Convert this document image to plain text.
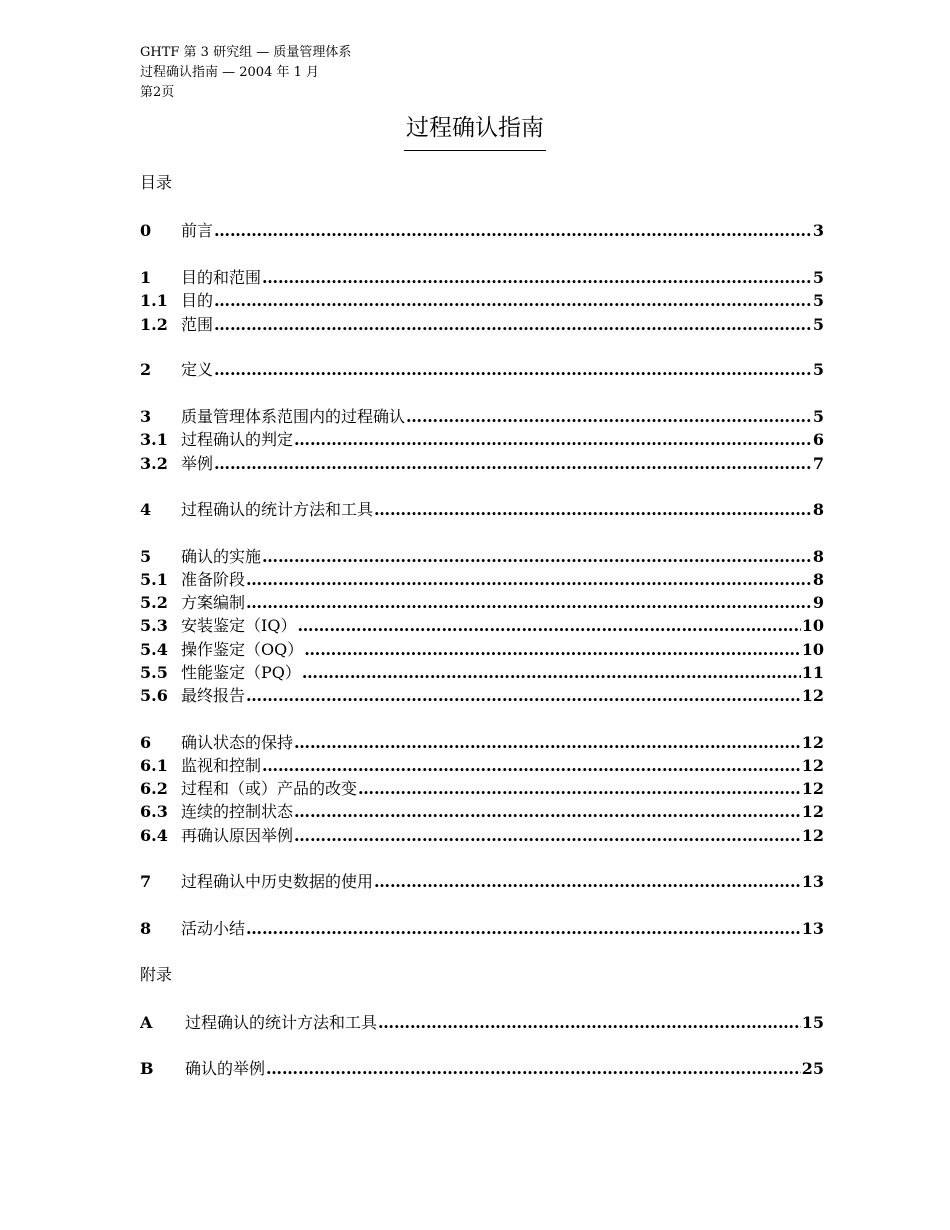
GHTF 第 3 研究组 — 质量管理体系
过程确认指南 — 2004 年 1 月
第2页
过程确认指南
目录
0	前言 ……………………………………………………………………………………………………………………………………………………………………………………	3
1	目的和范围 ……………………………………………………………………………………………………………………………………………………………………………………	5
1.1 目的 ……………………………………………………………………………………………………………………………………………………………………………………	5
1.2 范围 ……………………………………………………………………………………………………………………………………………………………………………………	5
2	定义 ……………………………………………………………………………………………………………………………………………………………………………………	5
3	质量管理体系范围内的过程确认 ……………………………………………………………………………………………………………………………………………………………………………………	5
3.1 过程确认的判定 ……………………………………………………………………………………………………………………………………………………………………………………	6
3.2 举例 ……………………………………………………………………………………………………………………………………………………………………………………	7
4	过程确认的统计方法和工具 ……………………………………………………………………………………………………………………………………………………………………………………	8
5	确认的实施 ……………………………………………………………………………………………………………………………………………………………………………………	8
5.1 准备阶段 ……………………………………………………………………………………………………………………………………………………………………………………	8
5.2 方案编制 ……………………………………………………………………………………………………………………………………………………………………………………	9
5.3 安装鉴定（IQ） ……………………………………………………………………………………………………………………………………………………………………………………	10
5.4 操作鉴定（OQ） ……………………………………………………………………………………………………………………………………………………………………………………	10
5.5 性能鉴定（PQ） ……………………………………………………………………………………………………………………………………………………………………………………	11
5.6 最终报告 ……………………………………………………………………………………………………………………………………………………………………………………	12
6	确认状态的保持 ……………………………………………………………………………………………………………………………………………………………………………………	12
6.1 监视和控制 ……………………………………………………………………………………………………………………………………………………………………………………	12
6.2 过程和（或）产品的改变 ……………………………………………………………………………………………………………………………………………………………………………………	12
6.3 连续的控制状态 ……………………………………………………………………………………………………………………………………………………………………………………	12
6.4 再确认原因举例 ……………………………………………………………………………………………………………………………………………………………………………………	12
7	过程确认中历史数据的使用 ……………………………………………………………………………………………………………………………………………………………………………………	13
8	活动小结 ……………………………………………………………………………………………………………………………………………………………………………………	13
附录
A	过程确认的统计方法和工具 ……………………………………………………………………………………………………………………………………………………………………………………	15
B	确认的举例 ……………………………………………………………………………………………………………………………………………………………………………………	25
